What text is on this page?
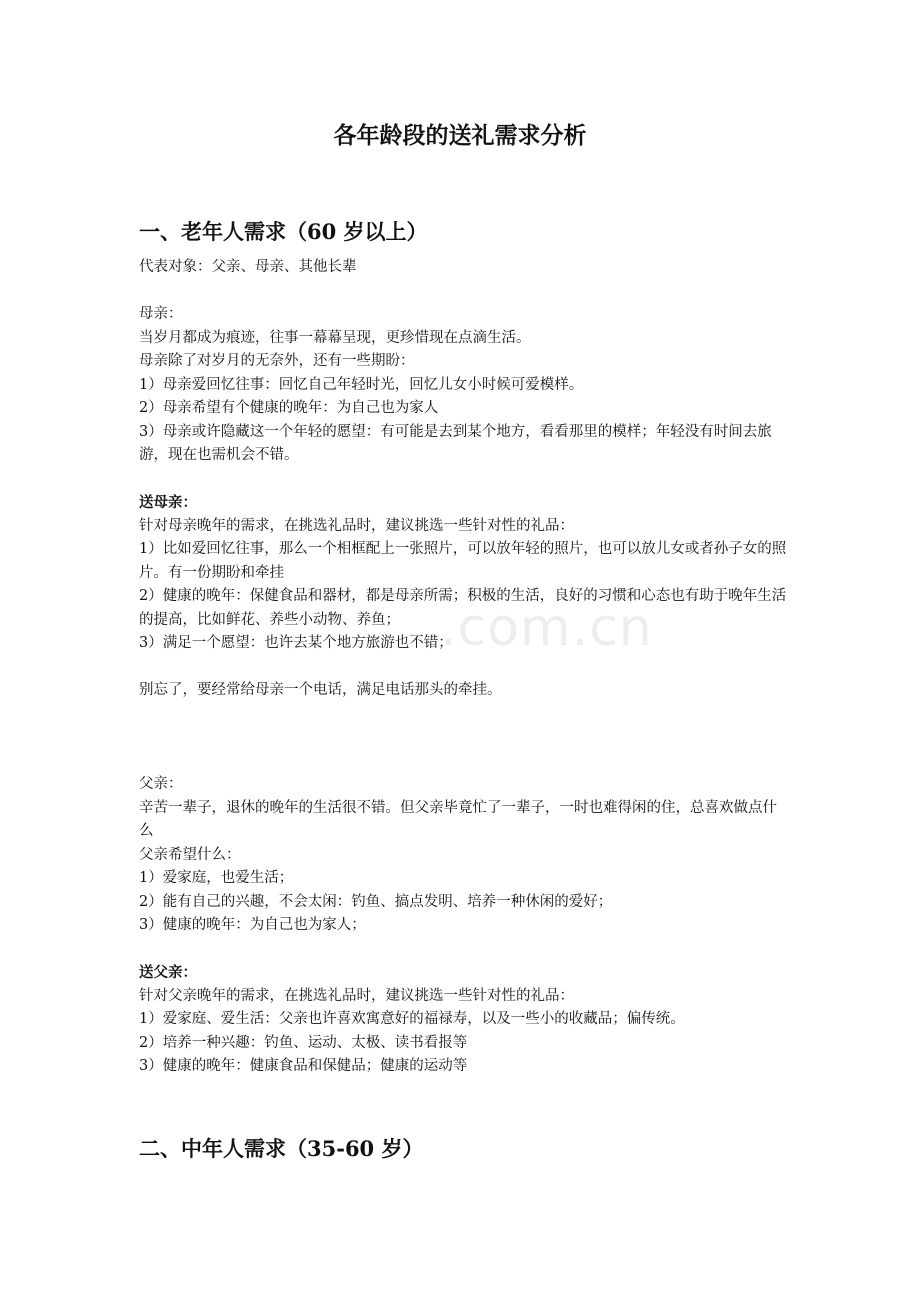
各年龄段的送礼需求分析
一、老年人需求（60 岁以上）

代表对象：父亲、母亲、其他长辈

母亲：

当岁月都成为痕迹，往事一幕幕呈现，更珍惜现在点滴生活。

母亲除了对岁月的无奈外，还有一些期盼：

1）母亲爱回忆往事：回忆自己年轻时光，回忆儿女小时候可爱模样。

2）母亲希望有个健康的晚年：为自己也为家人

3）母亲或许隐藏这一个年轻的愿望：有可能是去到某个地方，看看那里的模样；年轻没有时间去旅游，现在也需机会不错。

送母亲：

针对母亲晚年的需求，在挑选礼品时，建议挑选一些针对性的礼品：

1）比如爱回忆往事，那么一个相框配上一张照片，可以放年轻的照片，也可以放儿女或者孙子女的照片。有一份期盼和牵挂

2）健康的晚年：保健食品和器材，都是母亲所需；积极的生活，良好的习惯和心态也有助于晚年生活的提高，比如鲜花、养些小动物、养鱼；

3）满足一个愿望：也许去某个地方旅游也不错；

别忘了，要经常给母亲一个电话，满足电话那头的牵挂。

父亲：

辛苦一辈子，退休的晚年的生活很不错。但父亲毕竟忙了一辈子，一时也难得闲的住，总喜欢做点什么

父亲希望什么：

1）爱家庭，也爱生活；

2）能有自己的兴趣，不会太闲：钓鱼、搞点发明、培养一种休闲的爱好；

3）健康的晚年：为自己也为家人；

送父亲：

针对父亲晚年的需求，在挑选礼品时，建议挑选一些针对性的礼品：

1）爱家庭、爱生活：父亲也许喜欢寓意好的福禄寿，以及一些小的收藏品；偏传统。

2）培养一种兴趣：钓鱼、运动、太极、读书看报等

3）健康的晚年：健康食品和保健品；健康的运动等

二、中年人需求（35-60 岁）
.com.cn
